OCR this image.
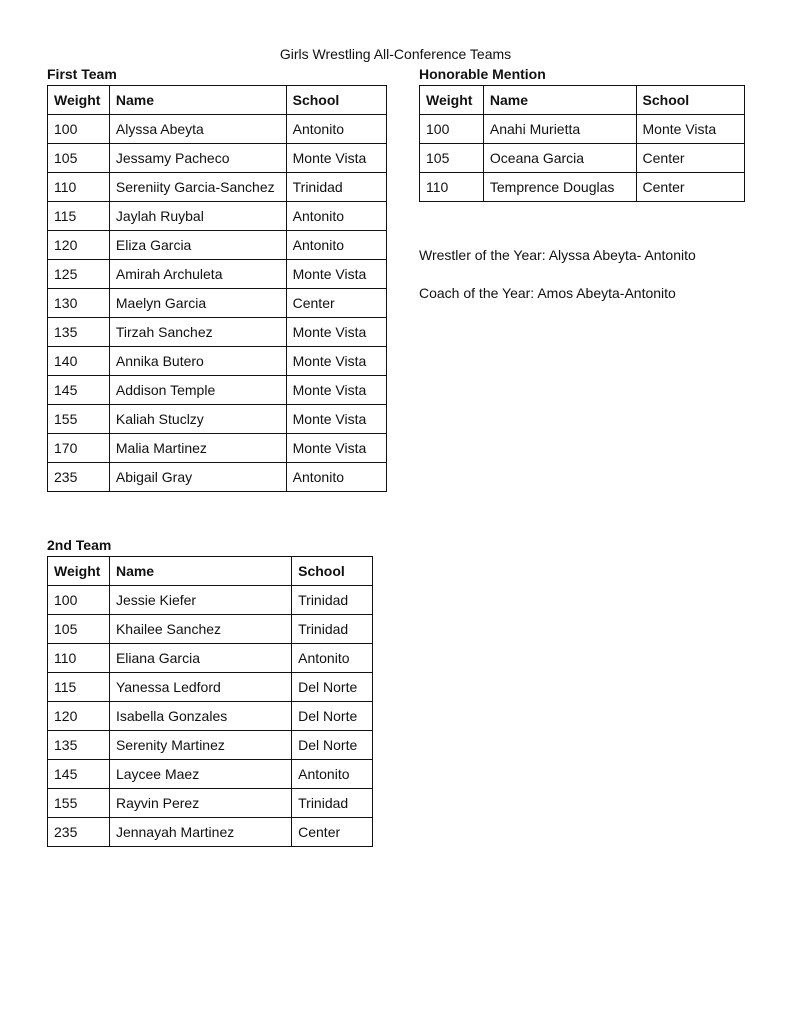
Girls Wrestling All-Conference Teams
First Team
Weight	Name	School
100	Alyssa Abeyta	Antonito
105	Jessamy Pacheco	Monte Vista
110	Sereniity Garcia-Sanchez	Trinidad
115	Jaylah Ruybal	Antonito
120	Eliza Garcia	Antonito
125	Amirah Archuleta	Monte Vista
130	Maelyn Garcia	Center
135	Tirzah Sanchez	Monte Vista
140	Annika Butero	Monte Vista
145	Addison Temple	Monte Vista
155	Kaliah Stuclzy	Monte Vista
170	Malia Martinez	Monte Vista
235	Abigail Gray	Antonito
Honorable Mention
Weight	Name	School
100	Anahi Murietta	Monte Vista
105	Oceana Garcia	Center
110	Temprence Douglas	Center
Wrestler of the Year: Alyssa Abeyta- Antonito
Coach of the Year: Amos Abeyta-Antonito
2nd Team
Weight	Name	School
100	Jessie Kiefer	Trinidad
105	Khailee Sanchez	Trinidad
110	Eliana Garcia	Antonito
115	Yanessa Ledford	Del Norte
120	Isabella Gonzales	Del Norte
135	Serenity Martinez	Del Norte
145	Laycee Maez	Antonito
155	Rayvin Perez	Trinidad
235	Jennayah Martinez	Center
